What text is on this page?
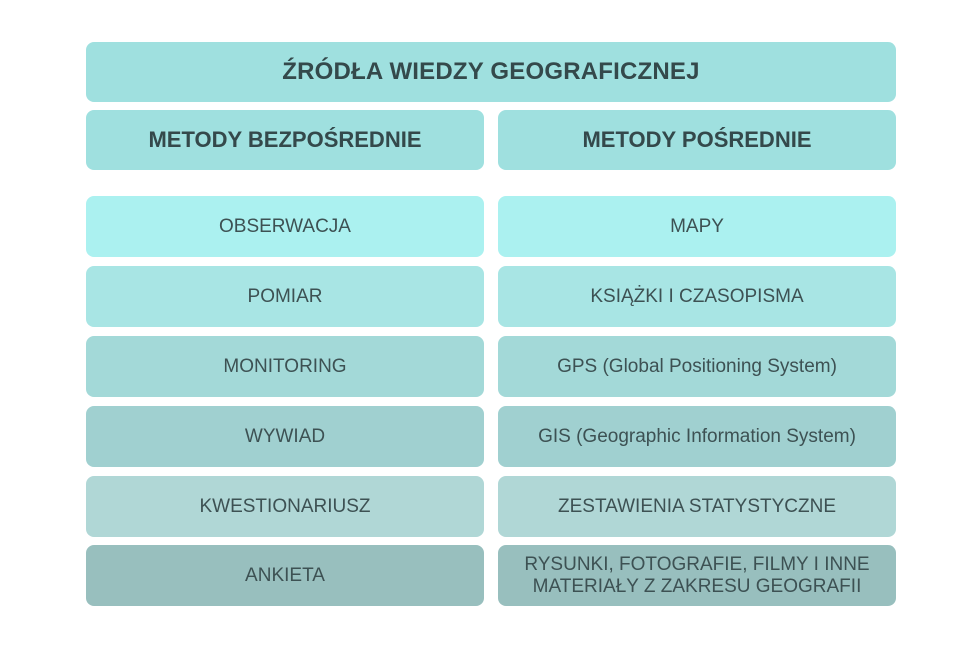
ŹRÓDŁA WIEDZY GEOGRAFICZNEJ
METODY BEZPOŚREDNIE	METODY POŚREDNIE
OBSERWACJA
POMIAR
MONITORING
WYWIAD
KWESTIONARIUSZ
ANKIETA
MAPY
KSIĄŻKI I CZASOPISMA
GPS (Global Positioning System)
GIS (Geographic Information System)
ZESTAWIENIA STATYSTYCZNE
RYSUNKI, FOTOGRAFIE, FILMY I INNE MATERIAŁY Z ZAKRESU GEOGRAFII
